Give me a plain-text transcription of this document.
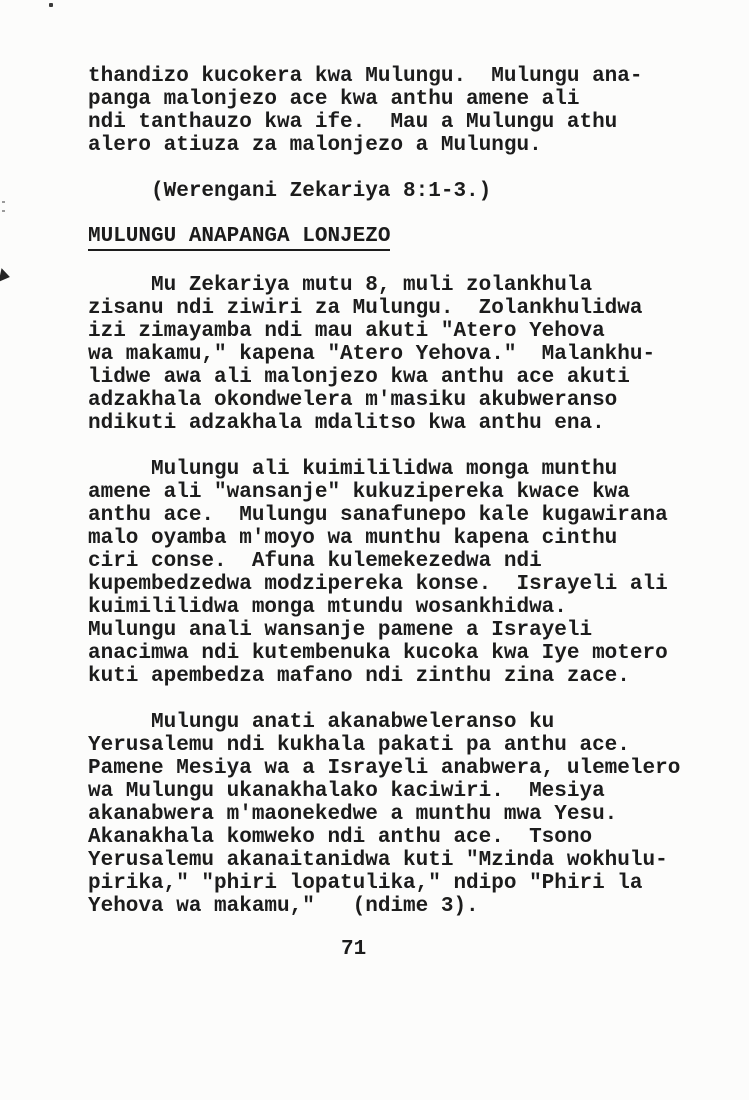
thandizo kucokera kwa Mulungu.  Mulungu ana-
panga malonjezo ace kwa anthu amene ali
ndi tanthauzo kwa ife.  Mau a Mulungu athu
alero atiuza za malonjezo a Mulungu.
(Werengani Zekariya 8:1-3.)
MULUNGU ANAPANGA LONJEZO
Mu Zekariya mutu 8, muli zolankhula
zisanu ndi ziwiri za Mulungu.  Zolankhulidwa
izi zimayamba ndi mau akuti "Atero Yehova
wa makamu," kapena "Atero Yehova."  Malankhu-
lidwe awa ali malonjezo kwa anthu ace akuti
adzakhala okondwelera m'masiku akubweranso
ndikuti adzakhala mdalitso kwa anthu ena.
Mulungu ali kuimililidwa monga munthu
amene ali "wansanje" kukuzipereka kwace kwa
anthu ace.  Mulungu sanafunepo kale kugawirana
malo oyamba m'moyo wa munthu kapena cinthu
ciri conse.  Afuna kulemekezedwa ndi
kupembedzedwa modzipereka konse.  Israyeli ali
kuimililidwa monga mtundu wosankhidwa.
Mulungu anali wansanje pamene a Israyeli
anacimwa ndi kutembenuka kucoka kwa Iye motero
kuti apembedza mafano ndi zinthu zina zace.
Mulungu anati akanabweleranso ku
Yerusalemu ndi kukhala pakati pa anthu ace.
Pamene Mesiya wa a Israyeli anabwera, ulemelero
wa Mulungu ukanakhalako kaciwiri.  Mesiya
akanabwera m'maonekedwe a munthu mwa Yesu.
Akanakhala komweko ndi anthu ace.  Tsono
Yerusalemu akanaitanidwa kuti "Mzinda wokhulu-
pirika," "phiri lopatulika," ndipo "Phiri la
Yehova wa makamu,"   (ndime 3).
71
